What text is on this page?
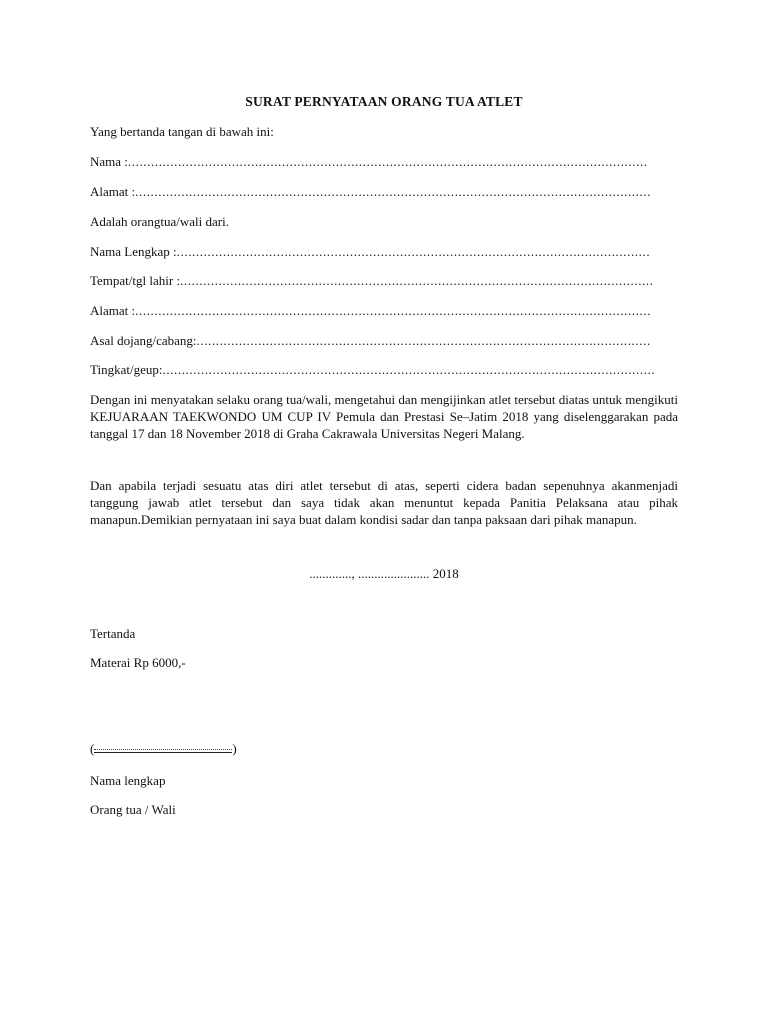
SURAT PERNYATAAN ORANG TUA ATLET
Yang bertanda tangan di bawah ini:
Nama : .......................................................................................................................................
Alamat : ......................................................................................................................................
Adalah orangtua/wali dari.
Nama Lengkap : ...........................................................................................................................
Tempat/tgl lahir : ...........................................................................................................................
Alamat : ......................................................................................................................................
Asal dojang/cabang: ......................................................................................................................
Tingkat/geup: ................................................................................................................................
Dengan ini menyatakan selaku orang tua/wali, mengetahui dan mengijinkan atlet tersebut diatas untuk mengikuti KEJUARAAN TAEKWONDO UM CUP IV Pemula dan Prestasi Se–Jatim 2018 yang diselenggarakan pada tanggal 17 dan 18 November 2018 di Graha Cakrawala Universitas Negeri Malang.
Dan apabila terjadi sesuatu atas diri atlet tersebut di atas, seperti cidera badan sepenuhnya akanmenjadi tanggung jawab atlet tersebut dan saya tidak akan menuntut kepada Panitia Pelaksana atau pihak manapun.Demikian pernyataan ini saya buat dalam kondisi sadar dan tanpa paksaan dari pihak manapun.
............., ...................... 2018
Tertanda
Materai Rp 6000,-
(	)
Nama lengkap
Orang tua / Wali
